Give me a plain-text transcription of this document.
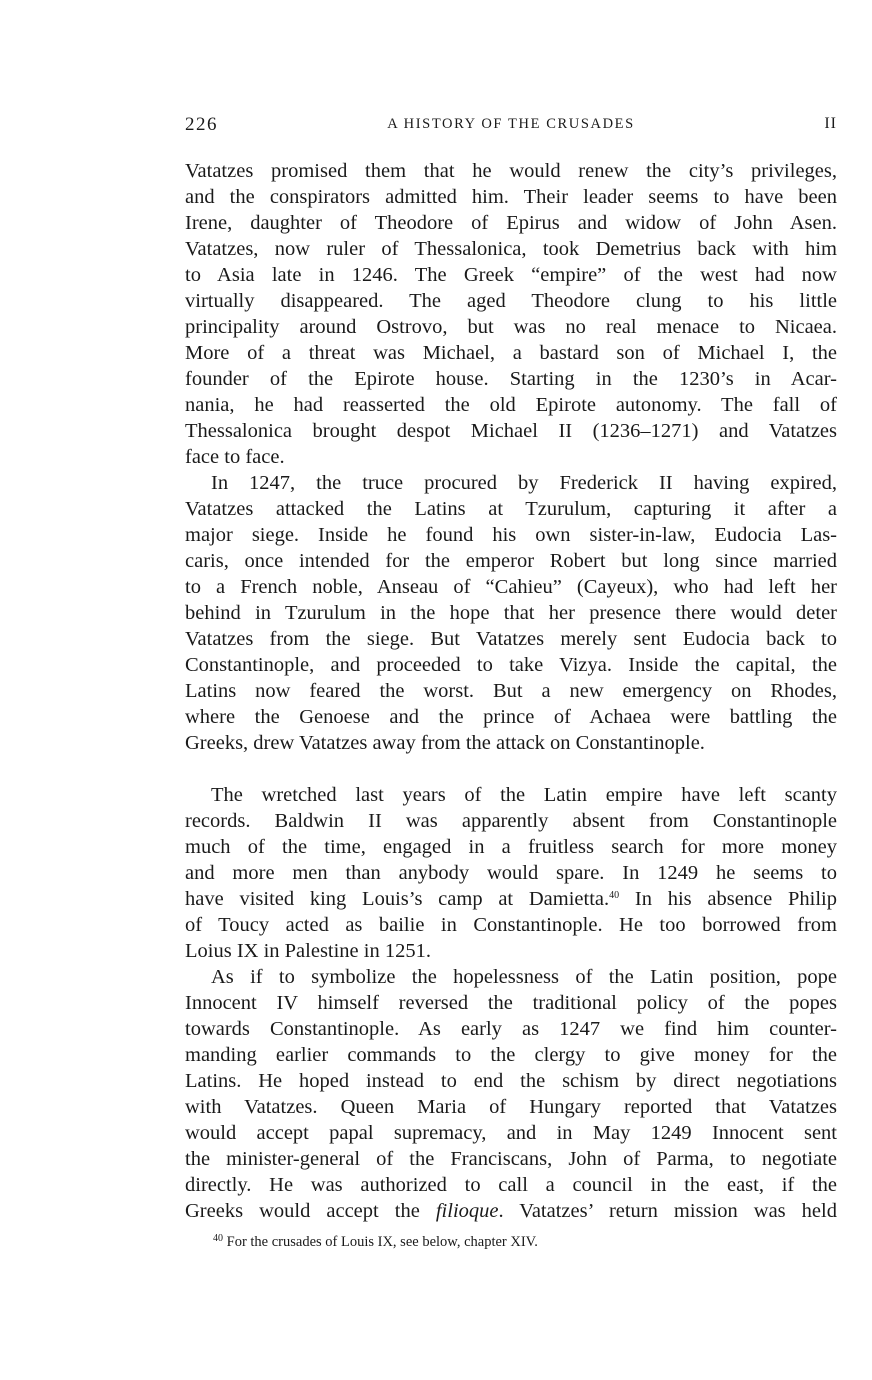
226	A HISTORY OF THE CRUSADES	II
Vatatzes promised them that he would renew the city’s privileges,
and the conspirators admitted him. Their leader seems to have been
Irene, daughter of Theodore of Epirus and widow of John Asen.
Vatatzes, now ruler of Thessalonica, took Demetrius back with him
to Asia late in 1246. The Greek “empire” of the west had now
virtually disappeared. The aged Theodore clung to his little
principality around Ostrovo, but was no real menace to Nicaea.
More of a threat was Michael, a bastard son of Michael I, the
founder of the Epirote house. Starting in the 1230’s in Acar-
nania, he had reasserted the old Epirote autonomy. The fall of
Thessalonica brought despot Michael II (1236–1271) and Vatatzes
face to face.
In 1247, the truce procured by Frederick II having expired,
Vatatzes attacked the Latins at Tzurulum, capturing it after a
major siege. Inside he found his own sister-in-law, Eudocia Las-
caris, once intended for the emperor Robert but long since married
to a French noble, Anseau of “Cahieu” (Cayeux), who had left her
behind in Tzurulum in the hope that her presence there would deter
Vatatzes from the siege. But Vatatzes merely sent Eudocia back to
Constantinople, and proceeded to take Vizya. Inside the capital, the
Latins now feared the worst. But a new emergency on Rhodes,
where the Genoese and the prince of Achaea were battling the
Greeks, drew Vatatzes away from the attack on Constantinople.
The wretched last years of the Latin empire have left scanty
records. Baldwin II was apparently absent from Constantinople
much of the time, engaged in a fruitless search for more money
and more men than anybody would spare. In 1249 he seems to
have visited king Louis’s camp at Damietta.$^{40}$ In his absence Philip
of Toucy acted as bailie in Constantinople. He too borrowed from
Loius IX in Palestine in 1251.
As if to symbolize the hopelessness of the Latin position, pope
Innocent IV himself reversed the traditional policy of the popes
towards Constantinople. As early as 1247 we find him counter-
manding earlier commands to the clergy to give money for the
Latins. He hoped instead to end the schism by direct negotiations
with Vatatzes. Queen Maria of Hungary reported that Vatatzes
would accept papal supremacy, and in May 1249 Innocent sent
the minister-general of the Franciscans, John of Parma, to negotiate
directly. He was authorized to call a council in the east, if the
Greeks would accept the filioque. Vatatzes’ return mission was held
$^{40}$ For the crusades of Louis IX, see below, chapter XIV.
